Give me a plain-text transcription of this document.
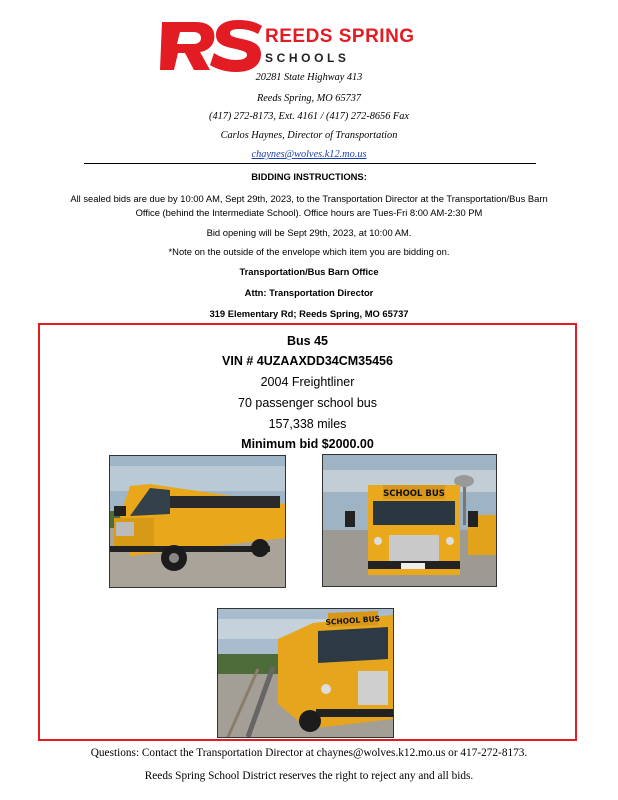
REEDS SPRING
SCHOOLS
20281 State Highway 413
Reeds Spring, MO 65737
(417) 272-8173, Ext. 4161 / (417) 272-8656 Fax
Carlos Haynes, Director of Transportation
chaynes@wolves.k12.mo.us
BIDDING INSTRUCTIONS:
All sealed bids are due by 10:00 AM, Sept 29th, 2023, to the Transportation Director at the Transportation/Bus Barn
Office (behind the Intermediate School). Office hours are Tues-Fri 8:00 AM-2:30 PM
Bid opening will be Sept 29th, 2023, at 10:00 AM.
*Note on the outside of the envelope which item you are bidding on.
Transportation/Bus Barn Office
Attn: Transportation Director
319 Elementary Rd; Reeds Spring, MO 65737
Bus 45
VIN # 4UZAAXDD34CM35456
2004 Freightliner
70 passenger school bus
157,338 miles
Minimum bid $2000.00
SCHOOL BUS
SCHOOL BUS
Questions: Contact the Transportation Director at chaynes@wolves.k12.mo.us or 417-272-8173.
Reeds Spring School District reserves the right to reject any and all bids.
